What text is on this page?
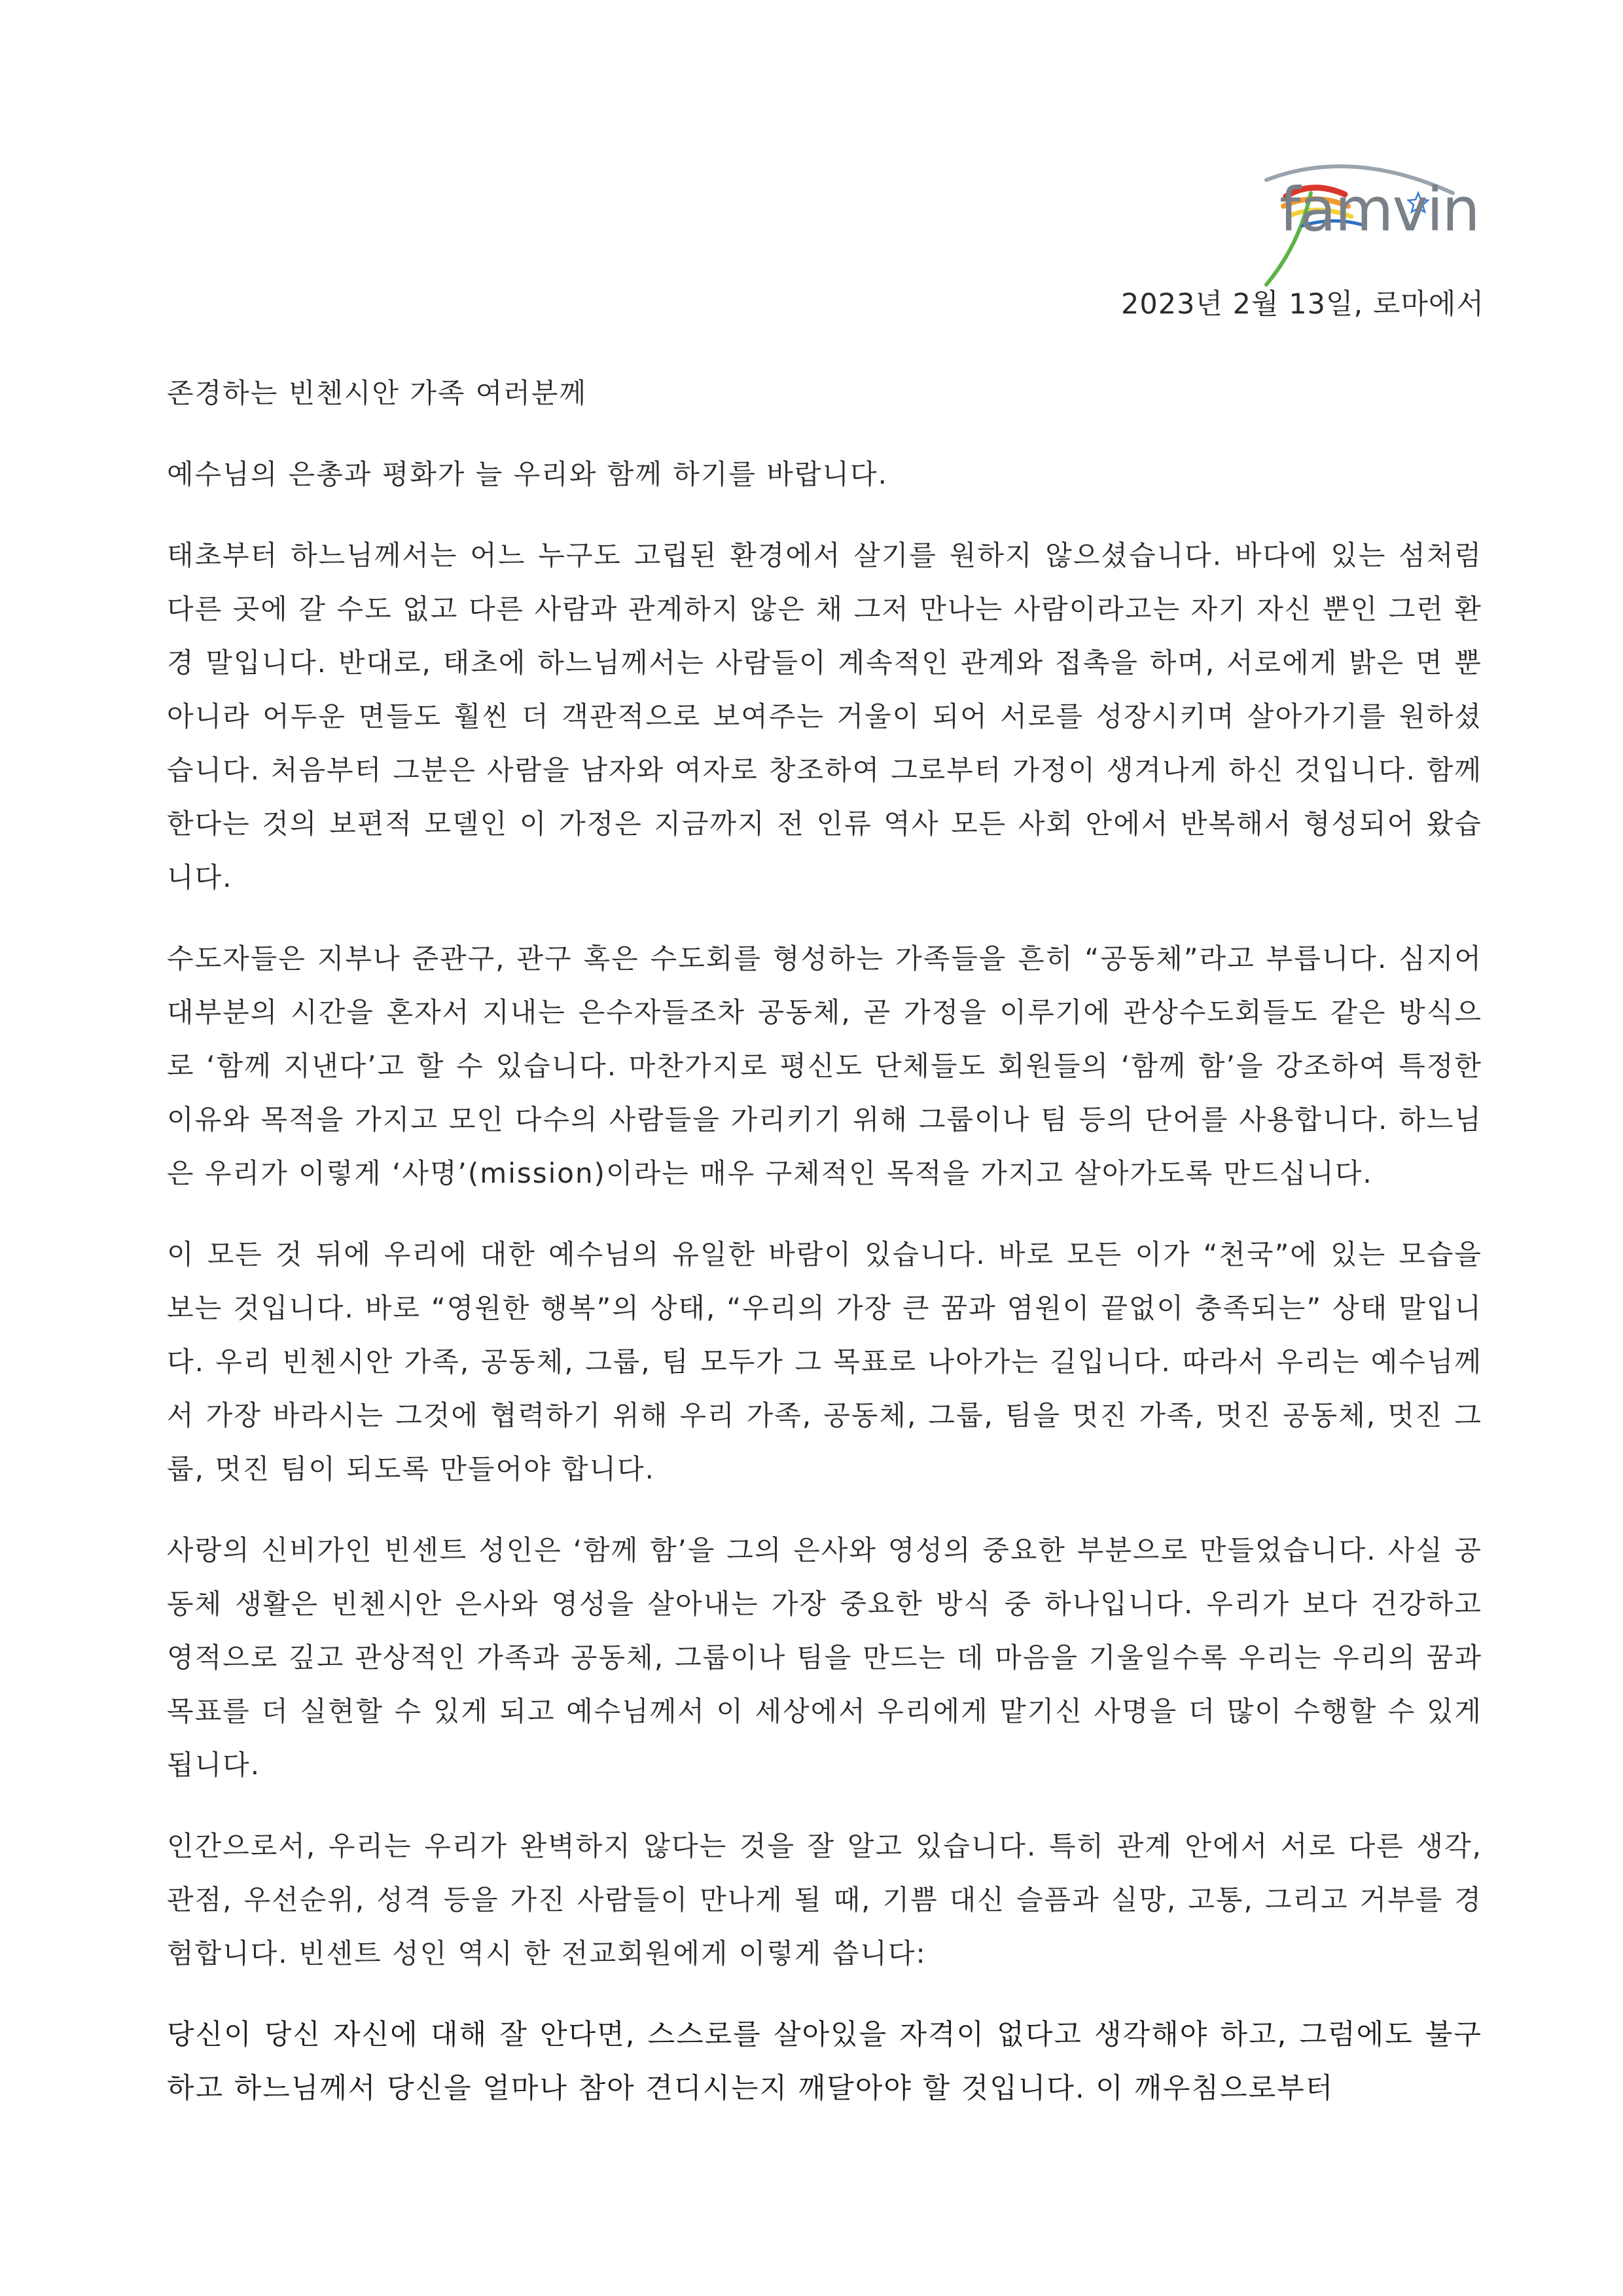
famvin
2023년 2월 13일, 로마에서

존경하는 빈첸시안 가족 여러분께

예수님의 은총과 평화가 늘 우리와 함께 하기를 바랍니다.

태초부터 하느님께서는 어느 누구도 고립된 환경에서 살기를 원하지 않으셨습니다. 바다에 있는 섬처럼 다른 곳에 갈 수도 없고 다른 사람과 관계하지 않은 채 그저 만나는 사람이라고는 자기 자신 뿐인 그런 환경 말입니다. 반대로, 태초에 하느님께서는 사람들이 계속적인 관계와 접촉을 하며, 서로에게 밝은 면 뿐 아니라 어두운 면들도 훨씬 더 객관적으로 보여주는 거울이 되어 서로를 성장시키며 살아가기를 원하셨습니다. 처음부터 그분은 사람을 남자와 여자로 창조하여 그로부터 가정이 생겨나게 하신 것입니다. 함께 한다는 것의 보편적 모델인 이 가정은 지금까지 전 인류 역사 모든 사회 안에서 반복해서 형성되어 왔습니다.

수도자들은 지부나 준관구, 관구 혹은 수도회를 형성하는 가족들을 흔히 “공동체”라고 부릅니다. 심지어 대부분의 시간을 혼자서 지내는 은수자들조차 공동체, 곧 가정을 이루기에 관상수도회들도 같은 방식으로 ‘함께 지낸다’고 할 수 있습니다. 마찬가지로 평신도 단체들도 회원들의 ‘함께 함’을 강조하여 특정한 이유와 목적을 가지고 모인 다수의 사람들을 가리키기 위해 그룹이나 팀 등의 단어를 사용합니다. 하느님은 우리가 이렇게 ‘사명’(mission)이라는 매우 구체적인 목적을 가지고 살아가도록 만드십니다.

이 모든 것 뒤에 우리에 대한 예수님의 유일한 바람이 있습니다. 바로 모든 이가 “천국”에 있는 모습을 보는 것입니다. 바로 “영원한 행복”의 상태, “우리의 가장 큰 꿈과 염원이 끝없이 충족되는” 상태 말입니다. 우리 빈첸시안 가족, 공동체, 그룹, 팀 모두가 그 목표로 나아가는 길입니다. 따라서 우리는 예수님께서 가장 바라시는 그것에 협력하기 위해 우리 가족, 공동체, 그룹, 팀을 멋진 가족, 멋진 공동체, 멋진 그룹, 멋진 팀이 되도록 만들어야 합니다.

사랑의 신비가인 빈센트 성인은 ‘함께 함’을 그의 은사와 영성의 중요한 부분으로 만들었습니다. 사실 공동체 생활은 빈첸시안 은사와 영성을 살아내는 가장 중요한 방식 중 하나입니다. 우리가 보다 건강하고 영적으로 깊고 관상적인 가족과 공동체, 그룹이나 팀을 만드는 데 마음을 기울일수록 우리는 우리의 꿈과 목표를 더 실현할 수 있게 되고 예수님께서 이 세상에서 우리에게 맡기신 사명을 더 많이 수행할 수 있게 됩니다.

인간으로서, 우리는 우리가 완벽하지 않다는 것을 잘 알고 있습니다. 특히 관계 안에서 서로 다른 생각, 관점, 우선순위, 성격 등을 가진 사람들이 만나게 될 때, 기쁨 대신 슬픔과 실망, 고통, 그리고 거부를 경험합니다. 빈센트 성인 역시 한 전교회원에게 이렇게 씁니다:

당신이 당신 자신에 대해 잘 안다면, 스스로를 살아있을 자격이 없다고 생각해야 하고, 그럼에도 불구하고 하느님께서 당신을 얼마나 참아 견디시는지 깨달아야 할 것입니다. 이 깨우침으로부터
